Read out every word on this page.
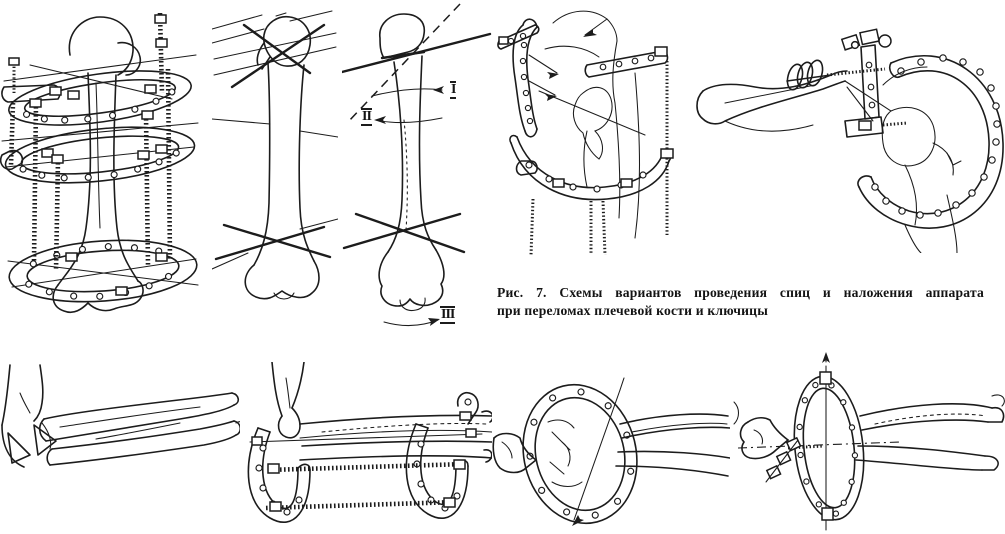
I
II
III
Рис. 7. Схемы вариантов проведения спиц и наложения аппарата
при переломах плечевой кости и ключицы
